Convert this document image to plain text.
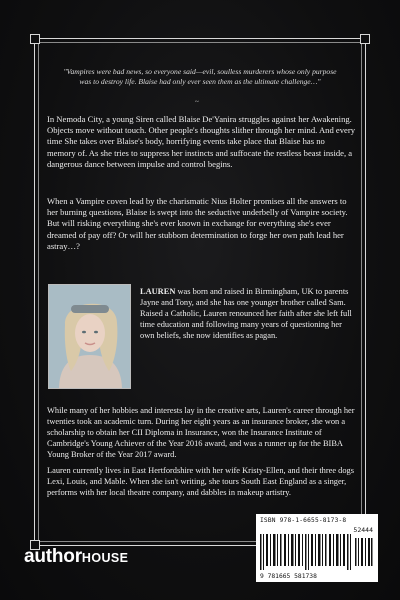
"Vampires were bad news, so everyone said—evil, soulless murderers whose only purpose was to destroy life. Blaise had only ever seen them as the ultimate challenge…"
~

In Nemoda City, a young Siren called Blaise De'Yanira struggles against her Awakening. Objects move without touch. Other people's thoughts slither through her mind. And every time She takes over Blaise's body, horrifying events take place that Blaise has no memory of. As she tries to suppress her instincts and suffocate the restless beast inside, a dangerous dance between impulse and control begins.

When a Vampire coven lead by the charismatic Nius Holter promises all the answers to her burning questions, Blaise is swept into the seductive underbelly of Vampire society. But will risking everything she's ever known in exchange for everything she's ever dreamed of pay off? Or will her stubborn determination to forge her own path lead her astray…?

LAUREN was born and raised in Birmingham, UK to parents Jayne and Tony, and she has one younger brother called Sam. Raised a Catholic, Lauren renounced her faith after she left full time education and following many years of questioning her own beliefs, she now identifies as pagan.

While many of her hobbies and interests lay in the creative arts, Lauren's career through her twenties took an academic turn. During her eight years as an insurance broker, she won a scholarship to obtain her CII Diploma in Insurance, won the Insurance Institute of Cambridge's Young Achiever of the Year 2016 award, and was a runner up for the BIBA Young Broker of the Year 2017 award.

Lauren currently lives in East Hertfordshire with her wife Kristy-Ellen, and their three dogs Lexi, Louis, and Mable. When she isn't writing, she tours South East England as a singer, performs with her local theatre company, and dabbles in makeup artistry.

ISBN 978-1-6655-8173-8
52444
9 781665 581738
authorHOUSE
